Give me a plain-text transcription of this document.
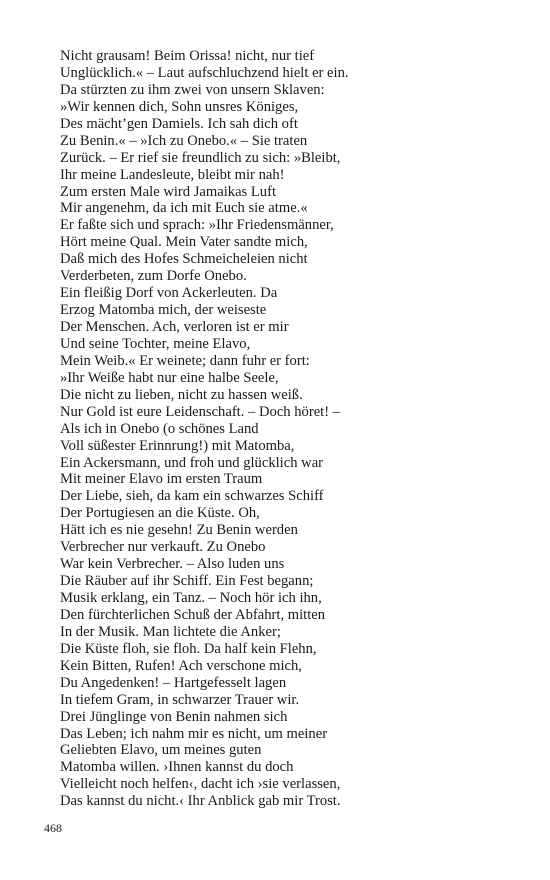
Nicht grausam! Beim Orissa! nicht, nur tief
Unglücklich.« – Laut aufschluchzend hielt er ein.
Da stürzten zu ihm zwei von unsern Sklaven:
»Wir kennen dich, Sohn unsres Königes,
Des mächt’gen Damiels. Ich sah dich oft
Zu Benin.« – »Ich zu Onebo.« – Sie traten
Zurück. – Er rief sie freundlich zu sich: »Bleibt,
Ihr meine Landesleute, bleibt mir nah!
Zum ersten Male wird Jamaikas Luft
Mir angenehm, da ich mit Euch sie atme.«
Er faßte sich und sprach: »Ihr Friedensmänner,
Hört meine Qual. Mein Vater sandte mich,
Daß mich des Hofes Schmeicheleien nicht
Verderbeten, zum Dorfe Onebo.
Ein fleißig Dorf von Ackerleuten. Da
Erzog Matomba mich, der weiseste
Der Menschen. Ach, verloren ist er mir
Und seine Tochter, meine Elavo,
Mein Weib.« Er weinete; dann fuhr er fort:
»Ihr Weiße habt nur eine halbe Seele,
Die nicht zu lieben, nicht zu hassen weiß.
Nur Gold ist eure Leidenschaft. – Doch höret! –
Als ich in Onebo (o schönes Land
Voll süßester Erinnrung!) mit Matomba,
Ein Ackersmann, und froh und glücklich war
Mit meiner Elavo im ersten Traum
Der Liebe, sieh, da kam ein schwarzes Schiff
Der Portugiesen an die Küste. Oh,
Hätt ich es nie gesehn! Zu Benin werden
Verbrecher nur verkauft. Zu Onebo
War kein Verbrecher. – Also luden uns
Die Räuber auf ihr Schiff. Ein Fest begann;
Musik erklang, ein Tanz. – Noch hör ich ihn,
Den fürchterlichen Schuß der Abfahrt, mitten
In der Musik. Man lichtete die Anker;
Die Küste floh, sie floh. Da half kein Flehn,
Kein Bitten, Rufen! Ach verschone mich,
Du Angedenken! – Hartgefesselt lagen
In tiefem Gram, in schwarzer Trauer wir.
Drei Jünglinge von Benin nahmen sich
Das Leben; ich nahm mir es nicht, um meiner
Geliebten Elavo, um meines guten
Matomba willen. ›Ihnen kannst du doch
Vielleicht noch helfen‹, dacht ich ›sie verlassen,
Das kannst du nicht.‹ Ihr Anblick gab mir Trost.
468
